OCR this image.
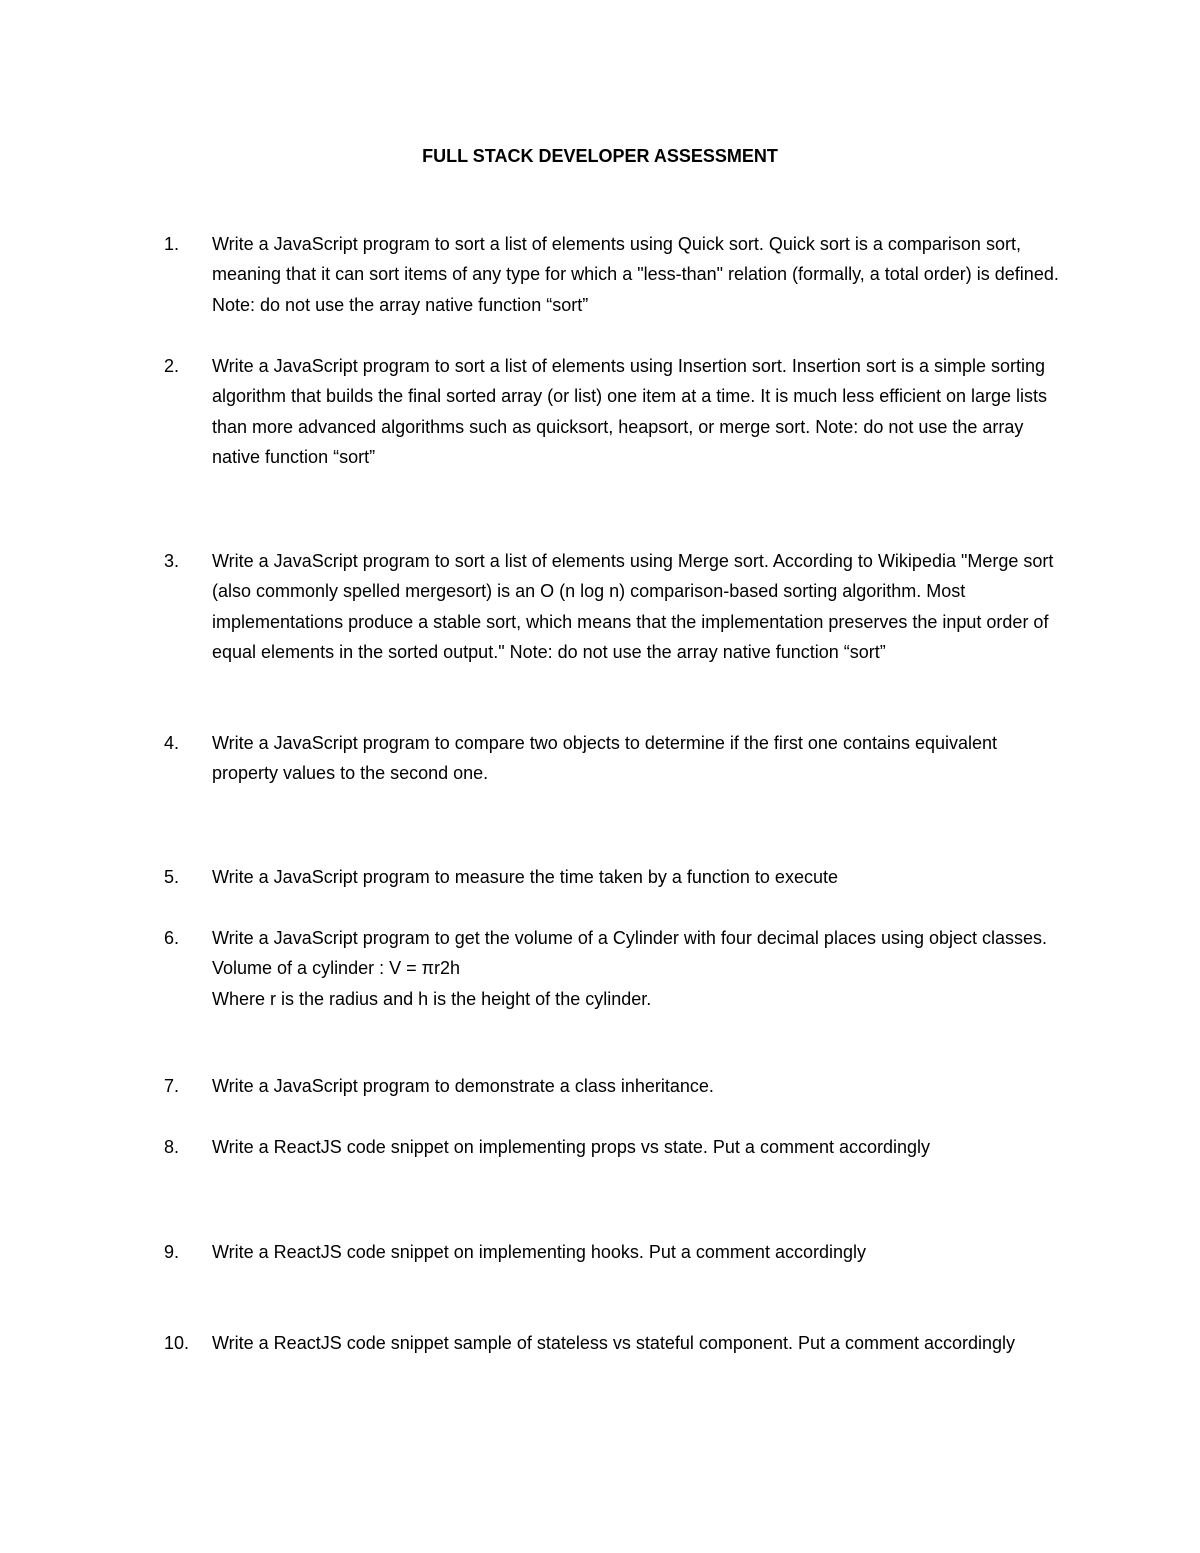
FULL STACK DEVELOPER ASSESSMENT
1.	Write a JavaScript program to sort a list of elements using Quick sort. Quick sort is a comparison sort, meaning that it can sort items of any type for which a "less-than" relation (formally, a total order) is defined. Note: do not use the array native function “sort”
2.	Write a JavaScript program to sort a list of elements using Insertion sort. Insertion sort is a simple sorting algorithm that builds the final sorted array (or list) one item at a time. It is much less efficient on large lists than more advanced algorithms such as quicksort, heapsort, or merge sort. Note: do not use the array native function “sort”
3.	Write a JavaScript program to sort a list of elements using Merge sort. According to Wikipedia "Merge sort (also commonly spelled mergesort) is an O (n log n) comparison-based sorting algorithm. Most implementations produce a stable sort, which means that the implementation preserves the input order of equal elements in the sorted output." Note: do not use the array native function “sort”
4.	Write a JavaScript program to compare two objects to determine if the first one contains equivalent property values to the second one.
5.	Write a JavaScript program to measure the time taken by a function to execute
6.	Write a JavaScript program to get the volume of a Cylinder with four decimal places using object classes. Volume of a cylinder : V = πr2h
Where r is the radius and h is the height of the cylinder.
7.	Write a JavaScript program to demonstrate a class inheritance.
8.	Write a ReactJS code snippet on implementing props vs state. Put a comment accordingly
9.	Write a ReactJS code snippet on implementing hooks. Put a comment accordingly
10.	Write a ReactJS code snippet sample of stateless vs stateful component. Put a comment accordingly
